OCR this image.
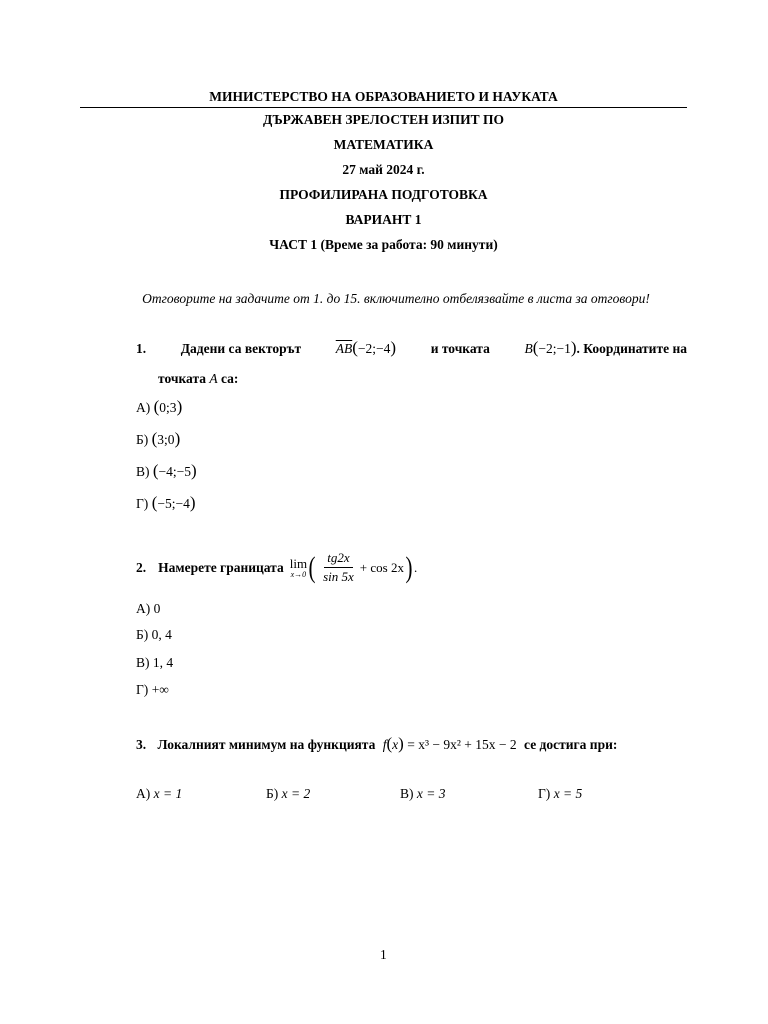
МИНИСТЕРСТВО НА ОБРАЗОВАНИЕТО И НАУКАТА
ДЪРЖАВЕН ЗРЕЛОСТЕН ИЗПИТ ПО
МАТЕМАТИКА
27 май 2024 г.
ПРОФИЛИРАНА ПОДГОТОВКА
ВАРИАНТ 1
ЧАСТ 1 (Време за работа: 90 минути)
Отговорите на задачите от 1. до 15. включително отбелязвайте в листа за отговори!
1.	Дадени са векторът	$\overline{AB}(-2;-4)$	и точката	B(−2;−1). Координатите на
точката A са:
А) (0;3)
Б) (3;0)
В) (−4;−5)
Г) (−5;−4)
2. Намерете границата lim
x→0 ( $\frac{tg2x}{\sin 5x} + \cos 2x$ ) .
А) 0
Б) 0, 4
В) 1, 4
Г) +∞
3. Локалният минимум на функцията f(x) = x³ − 9x² + 15x − 2 се достига при:
А) x = 1	Б) x = 2	В) x = 3	Г) x = 5
1
